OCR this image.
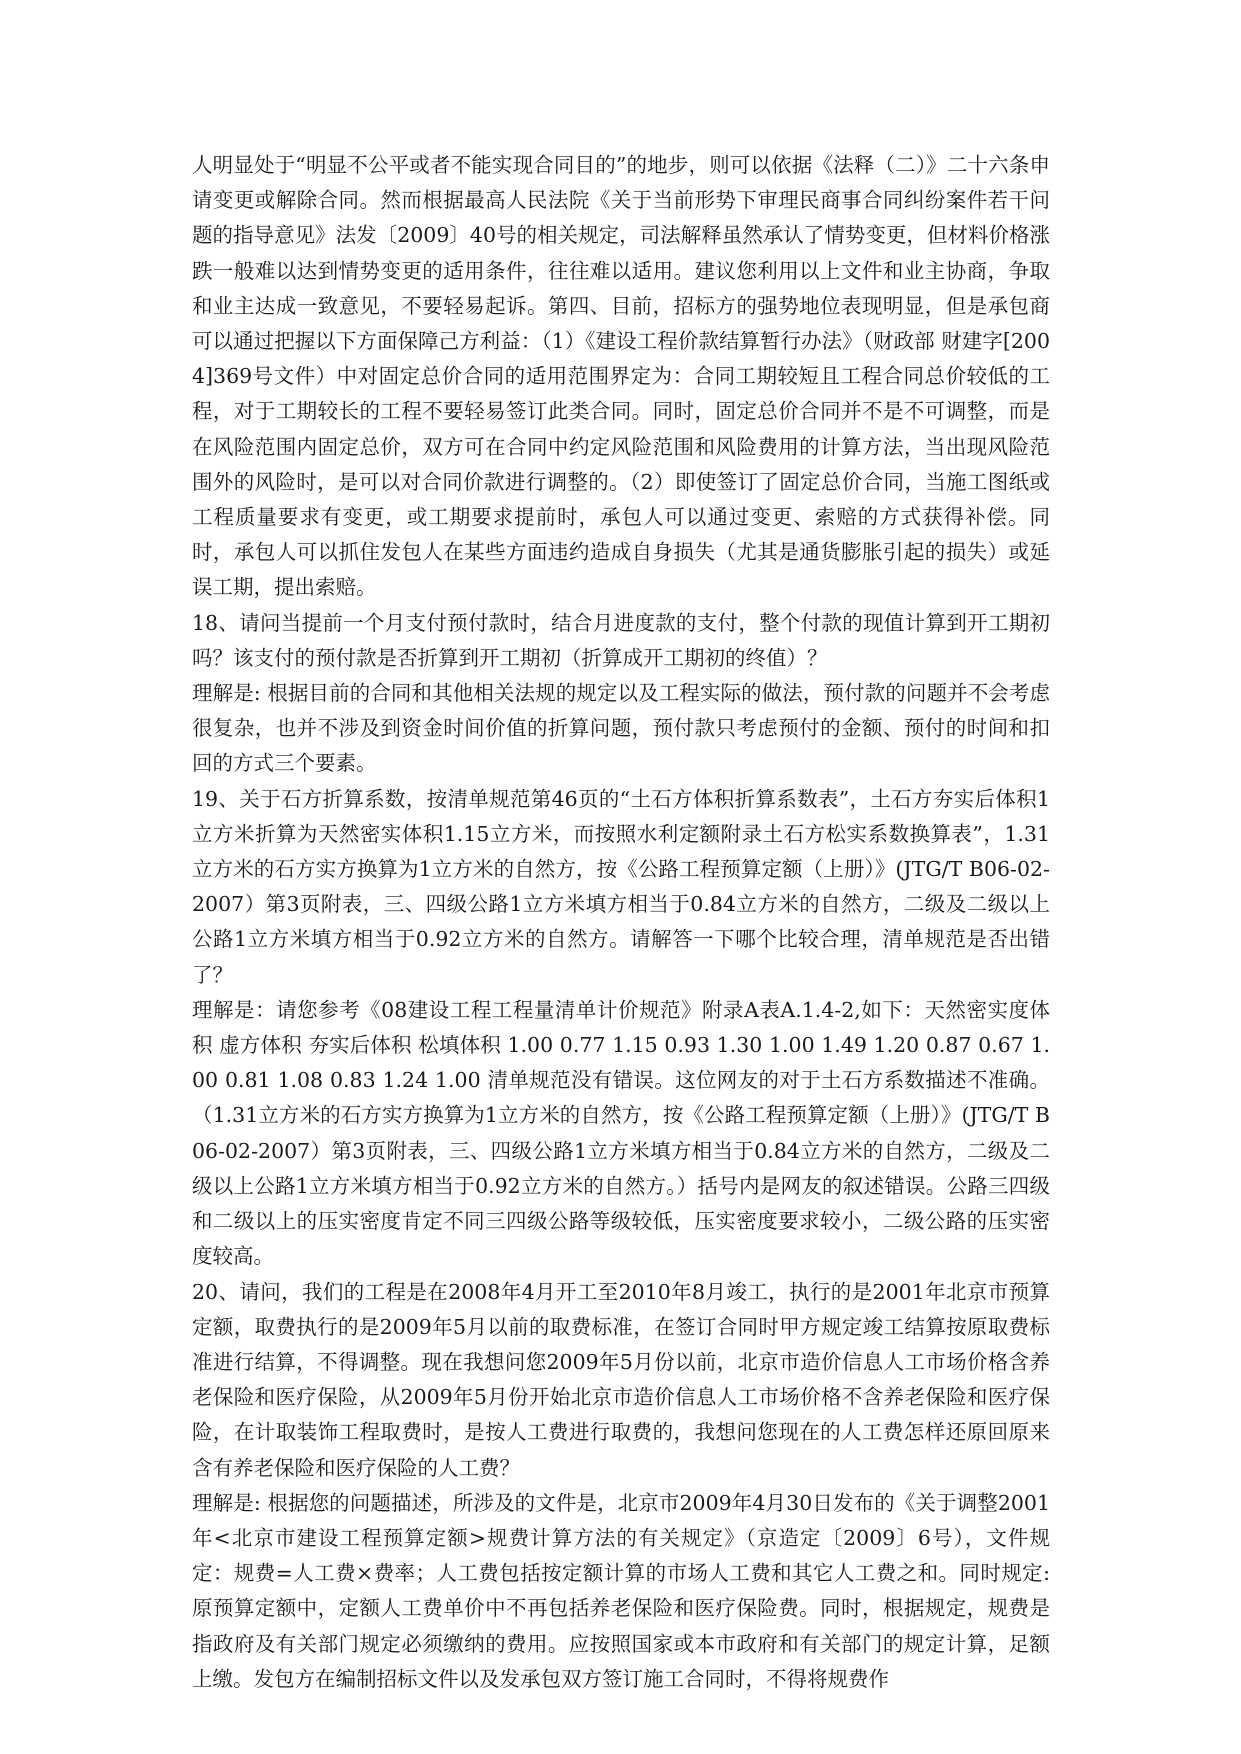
人明显处于“明显不公平或者不能实现合同目的”的地步，则可以依据《法释（二）》二十六条申请变更或解除合同。然而根据最高人民法院《关于当前形势下审理民商事合同纠纷案件若干问题的指导意见》法发〔2009〕40号的相关规定，司法解释虽然承认了情势变更，但材料价格涨跌一般难以达到情势变更的适用条件，往往难以适用。建议您利用以上文件和业主协商，争取和业主达成一致意见，不要轻易起诉。第四、目前，招标方的强势地位表现明显，但是承包商可以通过把握以下方面保障己方利益：（1）《建设工程价款结算暂行办法》（财政部 财建字[2004]369号文件）中对固定总价合同的适用范围界定为：合同工期较短且工程合同总价较低的工程，对于工期较长的工程不要轻易签订此类合同。同时，固定总价合同并不是不可调整，而是在风险范围内固定总价，双方可在合同中约定风险范围和风险费用的计算方法，当出现风险范围外的风险时，是可以对合同价款进行调整的。（2）即使签订了固定总价合同，当施工图纸或工程质量要求有变更，或工期要求提前时，承包人可以通过变更、索赔的方式获得补偿。同时，承包人可以抓住发包人在某些方面违约造成自身损失（尤其是通货膨胀引起的损失）或延误工期，提出索赔。

18、请问当提前一个月支付预付款时，结合月进度款的支付，整个付款的现值计算到开工期初吗？该支付的预付款是否折算到开工期初（折算成开工期初的终值）？

理解是: 根据目前的合同和其他相关法规的规定以及工程实际的做法，预付款的问题并不会考虑很复杂，也并不涉及到资金时间价值的折算问题，预付款只考虑预付的金额、预付的时间和扣回的方式三个要素。

19、关于石方折算系数，按清单规范第46页的“土石方体积折算系数表”，土石方夯实后体积1立方米折算为天然密实体积1.15立方米，而按照水利定额附录土石方松实系数换算表”，1.31立方米的石方实方换算为1立方米的自然方，按《公路工程预算定额（上册）》(JTG/T B06-02-2007）第3页附表，三、四级公路1立方米填方相当于0.84立方米的自然方，二级及二级以上公路1立方米填方相当于0.92立方米的自然方。请解答一下哪个比较合理，清单规范是否出错了？

理解是：请您参考《08建设工程工程量清单计价规范》附录A表A.1.4-2,如下：天然密实度体积 虚方体积 夯实后体积 松填体积 1.00 0.77 1.15 0.93 1.30 1.00 1.49 1.20 0.87 0.67 1.00 0.81 1.08 0.83 1.24 1.00 清单规范没有错误。这位网友的对于土石方系数描述不准确。（1.31立方米的石方实方换算为1立方米的自然方，按《公路工程预算定额（上册）》(JTG/T B06-02-2007）第3页附表，三、四级公路1立方米填方相当于0.84立方米的自然方，二级及二级以上公路1立方米填方相当于0.92立方米的自然方。）括号内是网友的叙述错误。公路三四级和二级以上的压实密度肯定不同三四级公路等级较低，压实密度要求较小，二级公路的压实密度较高。

20、请问，我们的工程是在2008年4月开工至2010年8月竣工，执行的是2001年北京市预算定额，取费执行的是2009年5月以前的取费标准，在签订合同时甲方规定竣工结算按原取费标准进行结算，不得调整。现在我想问您2009年5月份以前，北京市造价信息人工市场价格含养老保险和医疗保险，从2009年5月份开始北京市造价信息人工市场价格不含养老保险和医疗保险，在计取装饰工程取费时，是按人工费进行取费的，我想问您现在的人工费怎样还原回原来含有养老保险和医疗保险的人工费？

理解是: 根据您的问题描述，所涉及的文件是，北京市2009年4月30日发布的《关于调整2001年<北京市建设工程预算定额>规费计算方法的有关规定》（京造定〔2009〕6号），文件规定：规费=人工费×费率；人工费包括按定额计算的市场人工费和其它人工费之和。同时规定: 原预算定额中，定额人工费单价中不再包括养老保险和医疗保险费。同时，根据规定，规费是指政府及有关部门规定必须缴纳的费用。应按照国家或本市政府和有关部门的规定计算，足额上缴。发包方在编制招标文件以及发承包双方签订施工合同时，不得将规费作
